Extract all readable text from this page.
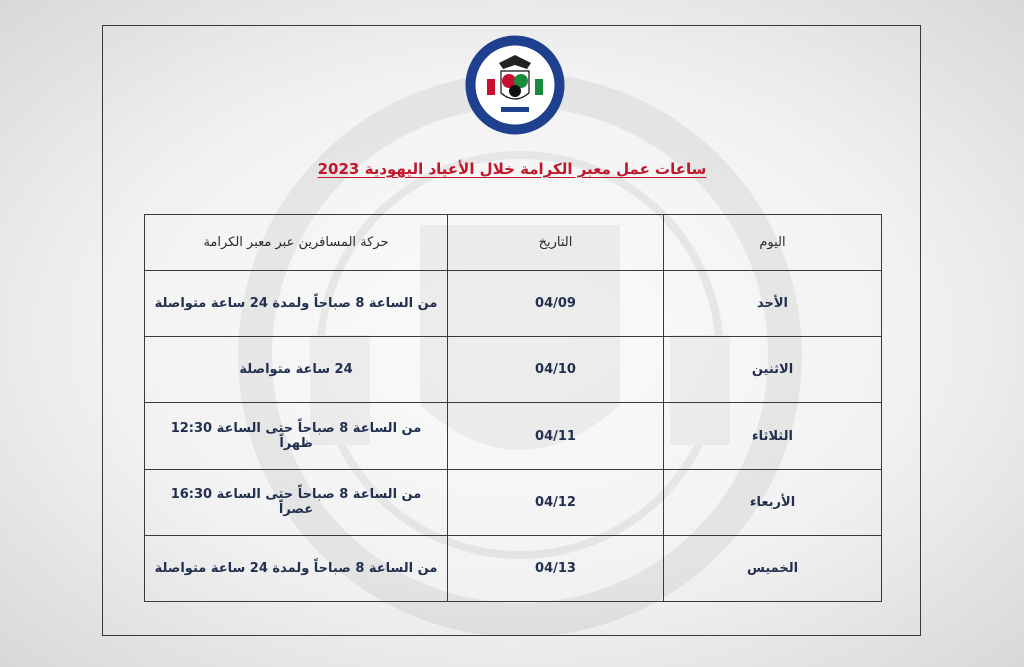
ساعات عمل معبر الكرامة خلال الأعياد اليهودية 2023
اليوم	التاريخ	حركة المسافرين عبر معبر الكرامة
الأحد	04/09	من الساعة 8 صباحاً ولمدة 24 ساعة متواصلة
الاثنين	04/10	24 ساعة متواصلة
الثلاثاء	04/11	من الساعة 8 صباحاً حتى الساعة 12:30 ظهراً
الأربعاء	04/12	من الساعة 8 صباحاً حتى الساعة 16:30 عصراً
الخميس	04/13	من الساعة 8 صباحاً ولمدة 24 ساعة متواصلة
